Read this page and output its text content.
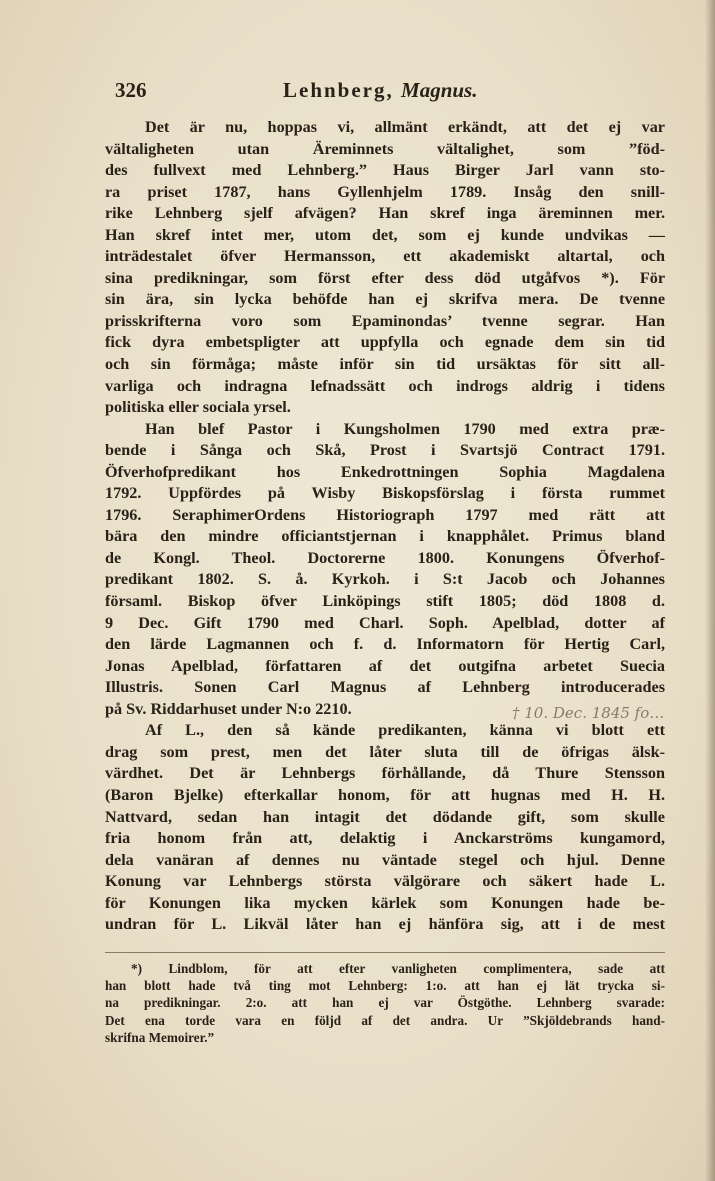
326	Lehnberg, Magnus.
Det är nu, hoppas vi, allmänt erkändt, att det ej var
vältaligheten utan Äreminnets vältalighet, som ”föd-
des fullvext med Lehnberg.” Haus Birger Jarl vann sto-
ra priset 1787, hans Gyllenhjelm 1789. Insåg den snill-
rike Lehnberg sjelf afvägen? Han skref inga äreminnen mer.
Han skref intet mer, utom det, som ej kunde undvikas —
inträdestalet öfver Hermansson, ett akademiskt altartal, och
sina predikningar, som först efter dess död utgåfvos *). För
sin ära, sin lycka behöfde han ej skrifva mera. De tvenne
prisskrifterna voro som Epaminondas’ tvenne segrar. Han
fick dyra embetspligter att uppfylla och egnade dem sin tid
och sin förmåga; måste inför sin tid ursäktas för sitt all-
varliga och indragna lefnadssätt och indrogs aldrig i tidens
politiska eller sociala yrsel.
Han blef Pastor i Kungsholmen 1790 med extra præ-
bende i Sånga och Skå, Prost i Svartsjö Contract 1791.
Öfverhofpredikant hos Enkedrottningen Sophia Magdalena
1792. Uppfördes på Wisby Biskopsförslag i första rummet
1796. SeraphimerOrdens Historiograph 1797 med rätt att
bära den mindre officiantstjernan i knapphålet. Primus bland
de Kongl. Theol. Doctorerne 1800. Konungens Öfverhof-
predikant 1802. S. å. Kyrkoh. i S:t Jacob och Johannes
församl. Biskop öfver Linköpings stift 1805; död 1808 d.
9 Dec. Gift 1790 med Charl. Soph. Apelblad, dotter af
den lärde Lagmannen och f. d. Informatorn för Hertig Carl,
Jonas Apelblad, författaren af det outgifna arbetet Suecia
Illustris. Sonen Carl Magnus af Lehnberg introducerades
på Sv. Riddarhuset under N:o 2210.
Af L., den så kände predikanten, känna vi blott ett
drag som prest, men det låter sluta till de öfrigas älsk-
värdhet. Det är Lehnbergs förhållande, då Thure Stensson
(Baron Bjelke) efterkallar honom, för att hugnas med H. H.
Nattvard, sedan han intagit det dödande gift, som skulle
fria honom från att, delaktig i Anckarströms kungamord,
dela vanäran af dennes nu väntade stegel och hjul. Denne
Konung var Lehnbergs största välgörare och säkert hade L.
för Konungen lika mycken kärlek som Konungen hade be-
undran för L. Likväl låter han ej hänföra sig, att i de mest
† 10. Dec. 1845 fo…
*) Lindblom, för att efter vanligheten complimentera, sade att
han blott hade två ting mot Lehnberg: 1:o. att han ej lät trycka si-
na predikningar. 2:o. att han ej var Östgöthe. Lehnberg svarade:
Det ena torde vara en följd af det andra. Ur ”Skjöldebrands hand-
skrifna Memoirer.”
